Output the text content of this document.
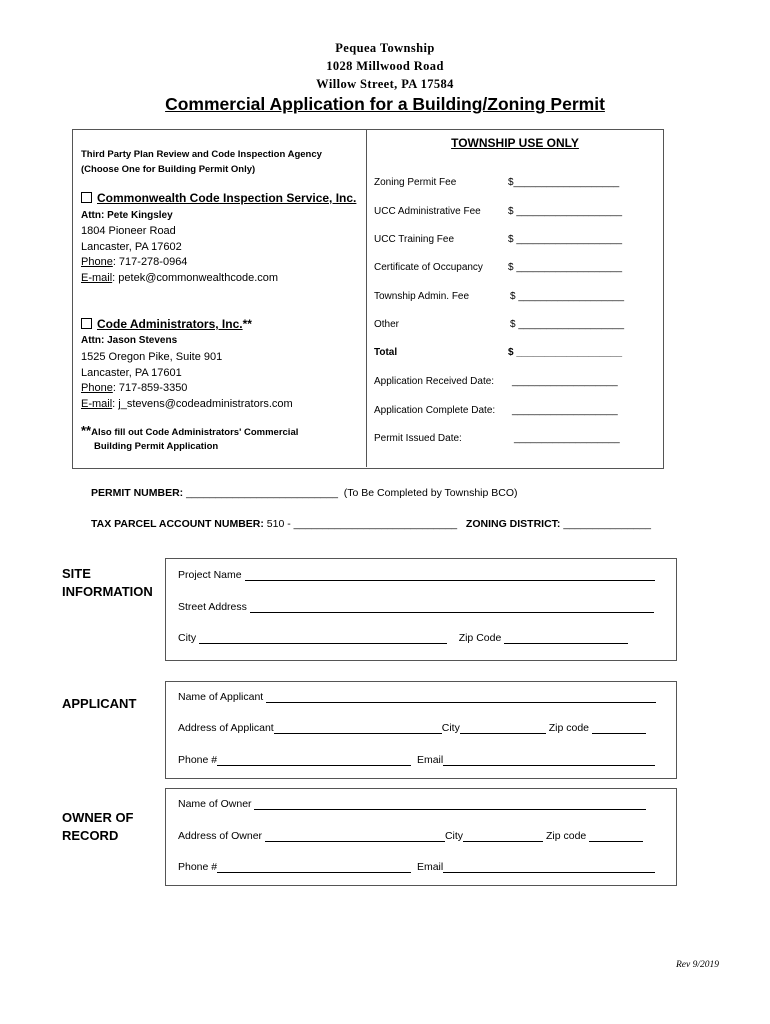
Pequea Township
1028 Millwood Road
Willow Street, PA 17584
Commercial Application for a Building/Zoning Permit
Third Party Plan Review and Code Inspection Agency
(Choose One for Building Permit Only)
Commonwealth Code Inspection Service, Inc.
Attn: Pete Kingsley
1804 Pioneer Road
Lancaster, PA 17602
Phone: 717-278-0964
E-mail: petek@commonwealthcode.com
Code Administrators, Inc.**
Attn: Jason Stevens
1525 Oregon Pike, Suite 901
Lancaster, PA 17601
Phone: 717-859-3350
E-mail: j_stevens@codeadministrators.com
**Also fill out Code Administrators' Commercial
Building Permit Application
TOWNSHIP USE ONLY
Zoning Permit Fee	$___________________
UCC Administrative Fee	$ ___________________
UCC Training Fee	$ ___________________
Certificate of Occupancy	$ ___________________
Township Admin. Fee	$ ___________________
Other	$ ___________________
Total	$ ___________________
Application Received Date: ___________________
Application Complete Date: ___________________
Permit Issued Date:	___________________
PERMIT NUMBER: __________________________ (To Be Completed by Township BCO)
TAX PARCEL ACCOUNT NUMBER: 510 - ____________________________ ZONING DISTRICT: _______________
SITE
INFORMATION
Project Name
Street Address
City	Zip Code
APPLICANT	Name of Applicant
Address of Applicant	City	Zip code
Phone #	Email
OWNER OF
RECORD
Name of Owner
Address of Owner	City	Zip code
Phone #	Email
Rev 9/2019
